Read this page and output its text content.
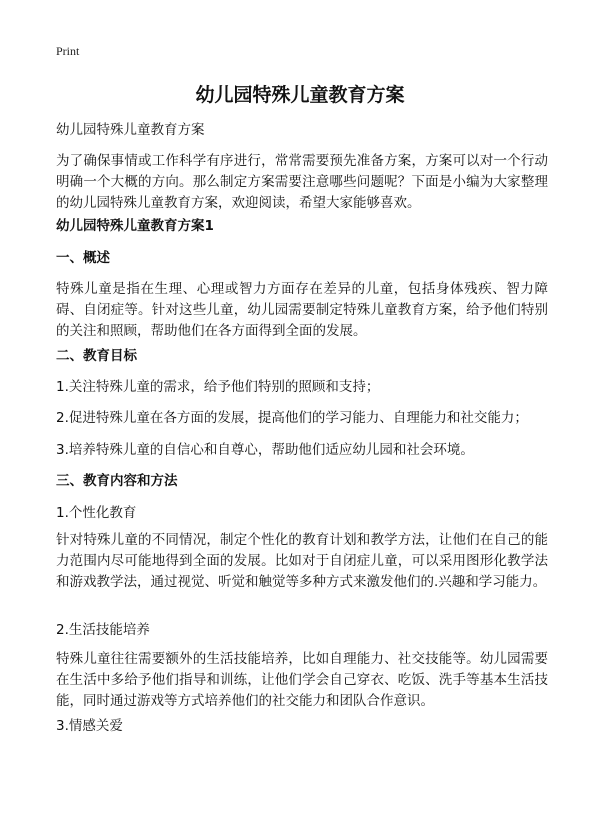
Print
幼儿园特殊儿童教育方案
幼儿园特殊儿童教育方案
为了确保事情或工作科学有序进行，常常需要预先准备方案，方案可以对一个行动明确一个大概的方向。那么制定方案需要注意哪些问题呢？下面是小编为大家整理的幼儿园特殊儿童教育方案，欢迎阅读，希望大家能够喜欢。
幼儿园特殊儿童教育方案1
一、概述
特殊儿童是指在生理、心理或智力方面存在差异的儿童，包括身体残疾、智力障碍、自闭症等。针对这些儿童，幼儿园需要制定特殊儿童教育方案，给予他们特别的关注和照顾，帮助他们在各方面得到全面的发展。
二、教育目标
1.关注特殊儿童的需求，给予他们特别的照顾和支持；
2.促进特殊儿童在各方面的发展，提高他们的学习能力、自理能力和社交能力；
3.培养特殊儿童的自信心和自尊心，帮助他们适应幼儿园和社会环境。
三、教育内容和方法
1.个性化教育
针对特殊儿童的不同情况，制定个性化的教育计划和教学方法，让他们在自己的能力范围内尽可能地得到全面的发展。比如对于自闭症儿童，可以采用图形化教学法和游戏教学法，通过视觉、听觉和触觉等多种方式来激发他们的.兴趣和学习能力。
2.生活技能培养
特殊儿童往往需要额外的生活技能培养，比如自理能力、社交技能等。幼儿园需要在生活中多给予他们指导和训练，让他们学会自己穿衣、吃饭、洗手等基本生活技能，同时通过游戏等方式培养他们的社交能力和团队合作意识。
3.情感关爱
